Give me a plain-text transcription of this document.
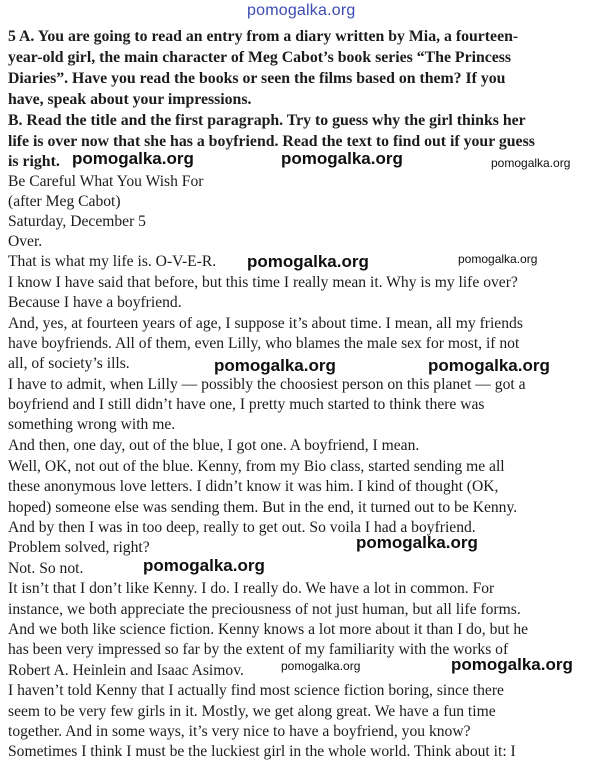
pomogalka.org
5 A. You are going to read an entry from a diary written by Mia, a fourteen-
year-old girl, the main character of Meg Cabot’s book series “The Princess
Diaries”. Have you read the books or seen the films based on them? If you
have, speak about your impressions.
B. Read the title and the first paragraph. Try to guess why the girl thinks her
life is over now that she has a boyfriend. Read the text to find out if your guess
is right.
Be Careful What You Wish For
(after Meg Cabot)
Saturday, December 5
Over.
That is what my life is. O-V-E-R.
I know I have said that before, but this time I really mean it. Why is my life over?
Because I have a boyfriend.
And, yes, at fourteen years of age, I suppose it’s about time. I mean, all my friends
have boyfriends. All of them, even Lilly, who blames the male sex for most, if not
all, of society’s ills.
I have to admit, when Lilly — possibly the choosiest person on this planet — got a
boyfriend and I still didn’t have one, I pretty much started to think there was
something wrong with me.
And then, one day, out of the blue, I got one. A boyfriend, I mean.
Well, OK, not out of the blue. Kenny, from my Bio class, started sending me all
these anonymous love letters. I didn’t know it was him. I kind of thought (OK,
hoped) someone else was sending them. But in the end, it turned out to be Kenny.
And by then I was in too deep, really to get out. So voila I had a boyfriend.
Problem solved, right?
Not. So not.
It isn’t that I don’t like Kenny. I do. I really do. We have a lot in common. For
instance, we both appreciate the preciousness of not just human, but all life forms.
And we both like science fiction. Kenny knows a lot more about it than I do, but he
has been very impressed so far by the extent of my familiarity with the works of
Robert A. Heinlein and Isaac Asimov.
I haven’t told Kenny that I actually find most science fiction boring, since there
seem to be very few girls in it. Mostly, we get along great. We have a fun time
together. And in some ways, it’s very nice to have a boyfriend, you know?
Sometimes I think I must be the luckiest girl in the whole world. Think about it: I
pomogalka.org	pomogalka.org	pomogalka.org
pomogalka.org	pomogalka.org
pomogalka.org	pomogalka.org
pomogalka.org
pomogalka.org
pomogalka.org	pomogalka.org
